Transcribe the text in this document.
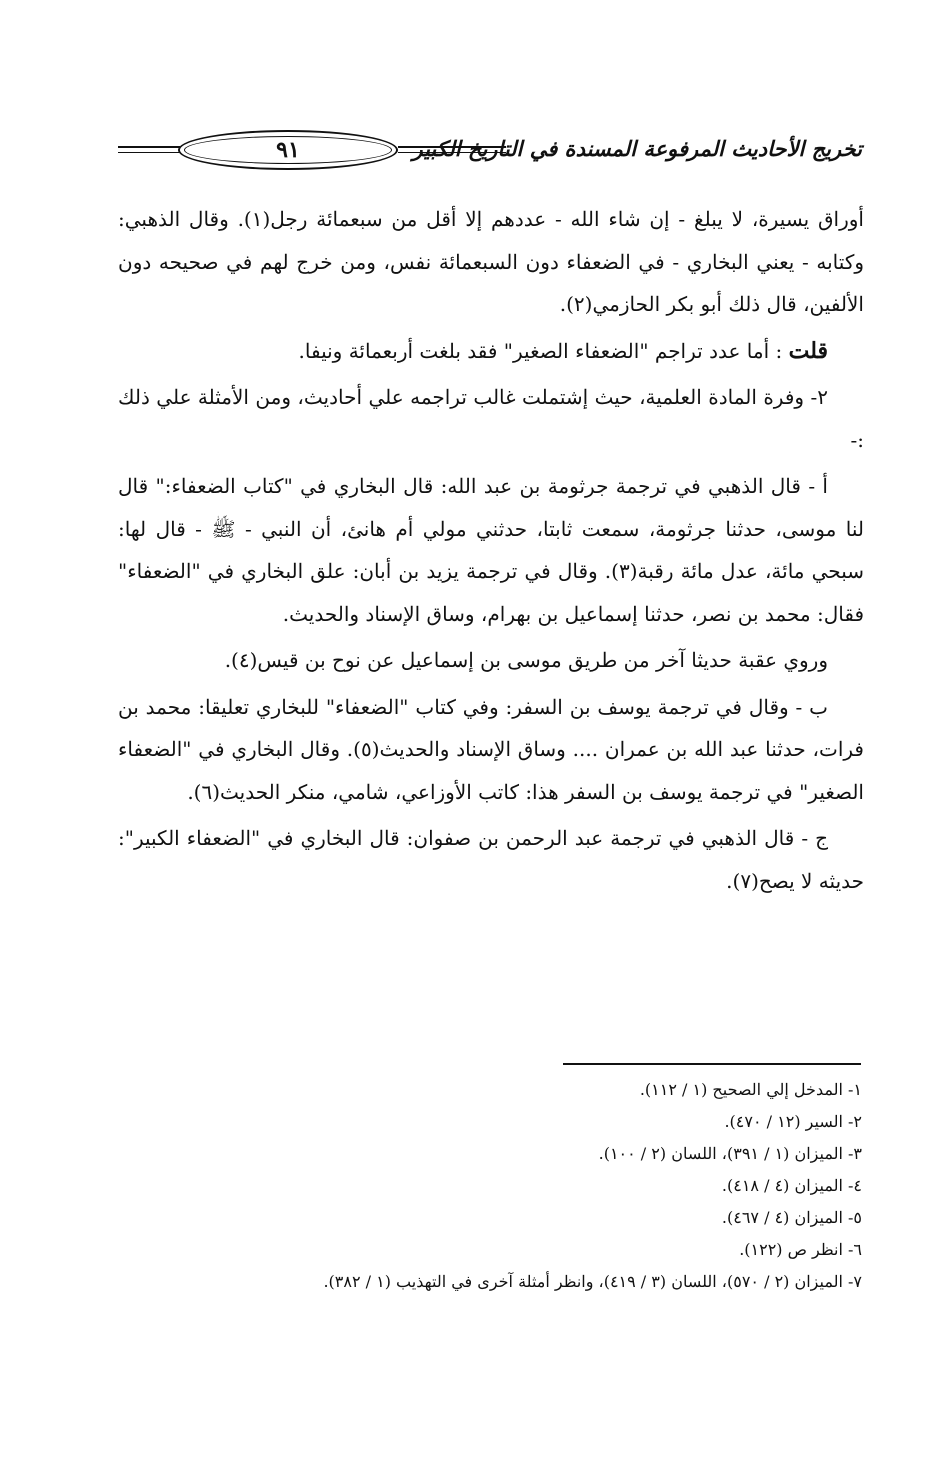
٩١	تخريج الأحاديث المرفوعة المسندة في التاريخ الكبير

أوراق يسيرة، لا يبلغ - إن شاء الله - عددهم إلا أقل من سبعمائة رجل(١). وقال الذهبي: وكتابه - يعني البخاري - في الضعفاء دون السبعمائة نفس، ومن خرج لهم في صحيحه دون الألفين، قال ذلك أبو بكر الحازمي(٢).

قلت : أما عدد تراجم "الضعفاء الصغير" فقد بلغت أربعمائة ونيفا.

٢- وفرة المادة العلمية، حيث إشتملت غالب تراجمه علي أحاديث، ومن الأمثلة علي ذلك :-

أ - قال الذهبي في ترجمة جرثومة بن عبد الله: قال البخاري في "كتاب الضعفاء:" قال لنا موسى، حدثنا جرثومة، سمعت ثابتا، حدثني مولي أم هانئ، أن النبي - ﷺ - قال لها: سبحي مائة، عدل مائة رقبة(٣). وقال في ترجمة يزيد بن أبان: علق البخاري في "الضعفاء" فقال: محمد بن نصر، حدثنا إسماعيل بن بهرام، وساق الإسناد والحديث.

وروي عقبة حديثا آخر من طريق موسى بن إسماعيل عن نوح بن قيس(٤).

ب - وقال في ترجمة يوسف بن السفر: وفي كتاب "الضعفاء" للبخاري تعليقا: محمد بن فرات، حدثنا عبد الله بن عمران .... وساق الإسناد والحديث(٥). وقال البخاري في "الضعفاء الصغير" في ترجمة يوسف بن السفر هذا: كاتب الأوزاعي، شامي، منكر الحديث(٦).

ج - قال الذهبي في ترجمة عبد الرحمن بن صفوان: قال البخاري في "الضعفاء الكبير": حديثه لا يصح(٧).

١- المدخل إلي الصحيح (١ / ١١٢).
٢- السير (١٢ / ٤٧٠).
٣- الميزان (١ / ٣٩١)، اللسان (٢ / ١٠٠).
٤- الميزان (٤ / ٤١٨).
٥- الميزان (٤ / ٤٦٧).
٦- انظر ص (١٢٢).
٧- الميزان (٢ / ٥٧٠)، اللسان (٣ / ٤١٩)، وانظر أمثلة آخرى في التهذيب (١ / ٣٨٢).
